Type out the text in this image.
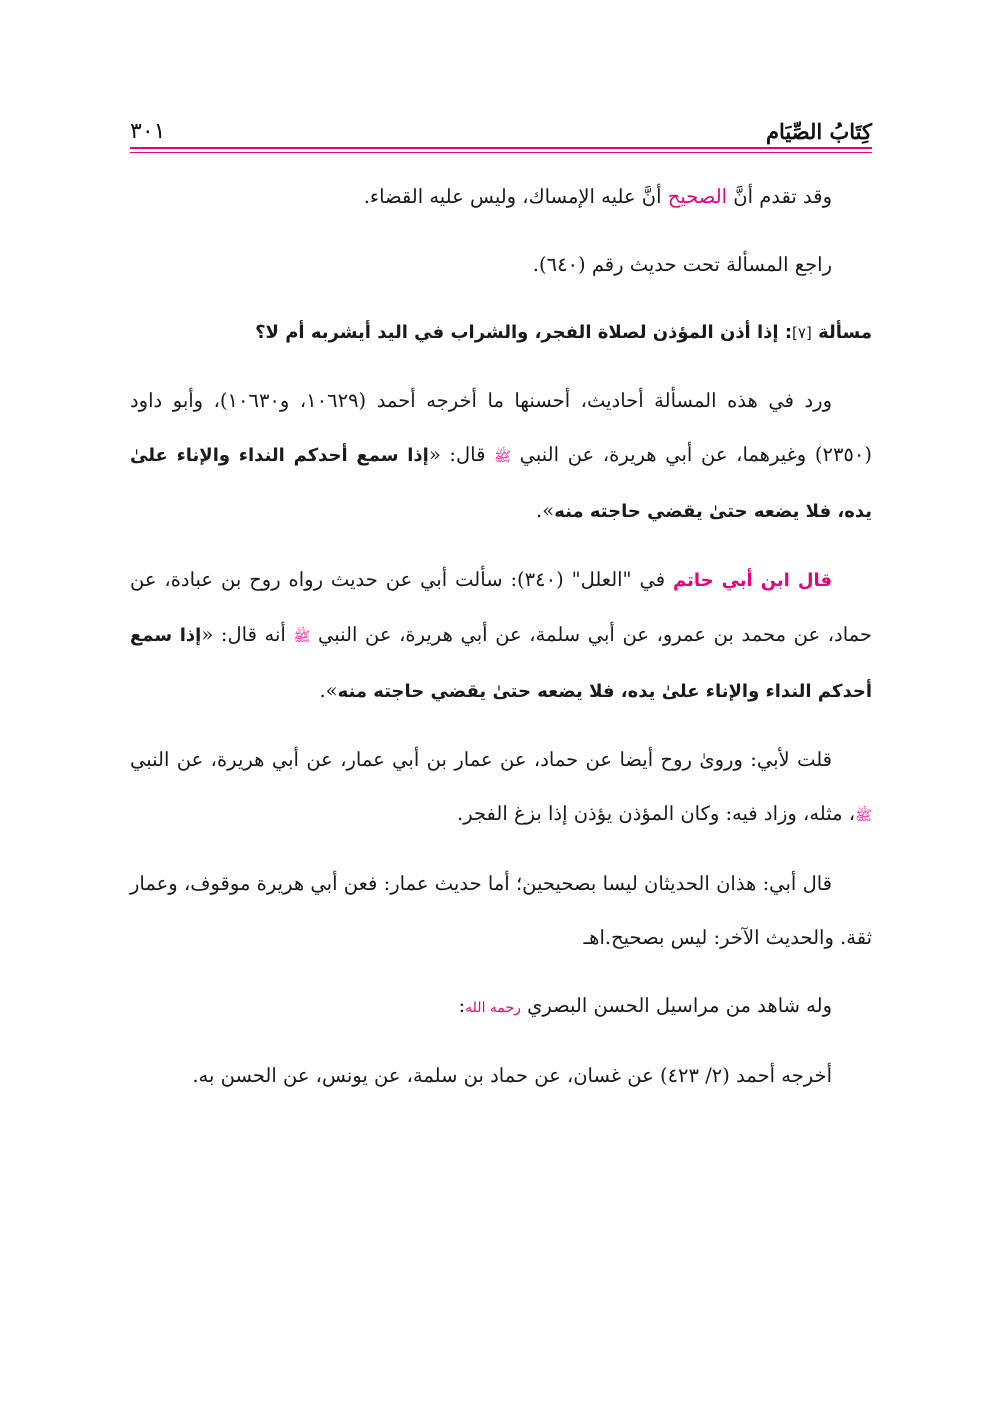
كِتَابُ الصِّيَام
٣٠١

وقد تقدم أنَّ الصحيح أنَّ عليه الإمساك، وليس عليه القضاء.

راجع المسألة تحت حديث رقم (٦٤٠).

مسألة [٧]: إذا أذن المؤذن لصلاة الفجر، والشراب في اليد أيشربه أم لا؟

ورد في هذه المسألة أحاديث، أحسنها ما أخرجه أحمد (١٠٦٢٩، و١٠٦٣٠)، وأبو داود (٢٣٥٠) وغيرهما، عن أبي هريرة، عن النبي ﷺ قال: «إذا سمع أحدكم النداء والإناء علىٰ يده، فلا يضعه حتىٰ يقضي حاجته منه».

قال ابن أبي حاتم في "العلل" (٣٤٠): سألت أبي عن حديث رواه روح بن عبادة، عن حماد، عن محمد بن عمرو، عن أبي سلمة، عن أبي هريرة، عن النبي ﷺ أنه قال: «إذا سمع أحدكم النداء والإناء علىٰ يده، فلا يضعه حتىٰ يقضي حاجته منه».

قلت لأبي: ورویٰ روح أيضا عن حماد، عن عمار بن أبي عمار، عن أبي هريرة، عن النبي ﷺ، مثله، وزاد فيه: وكان المؤذن يؤذن إذا بزغ الفجر.

قال أبي: هذان الحديثان ليسا بصحيحين؛ أما حديث عمار: فعن أبي هريرة موقوف، وعمار ثقة. والحديث الآخر: ليس بصحيح.اهـ

وله شاهد من مراسيل الحسن البصري رحمه الله:

أخرجه أحمد (٢/ ٤٢٣) عن غسان، عن حماد بن سلمة، عن يونس، عن الحسن به.
